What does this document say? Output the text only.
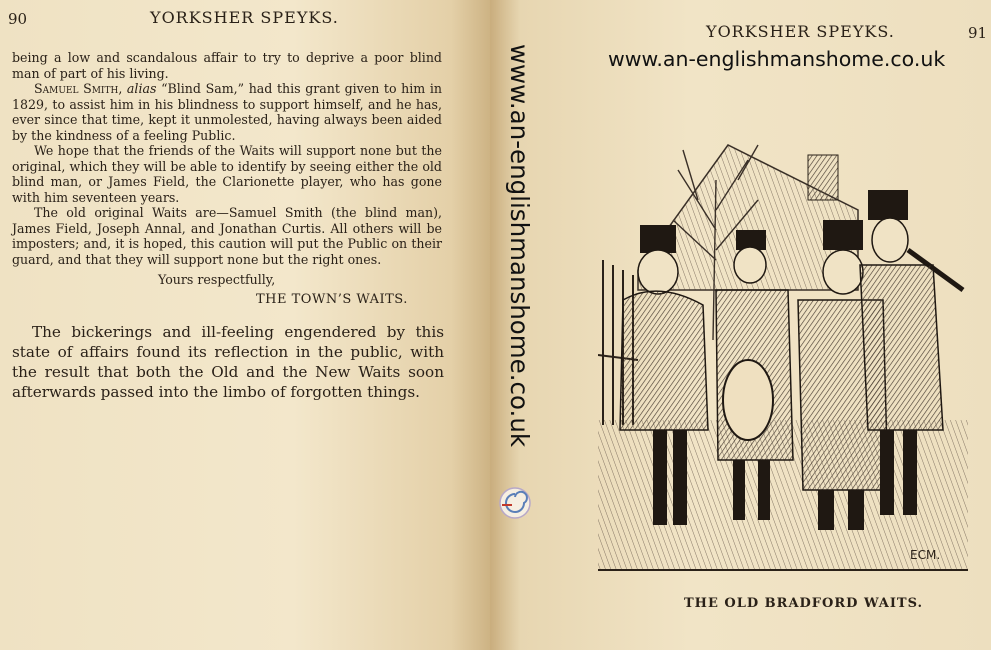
90	YORKSHER SPEYKS.

being a low and scandalous affair to try to deprive a poor blind man of part of his living.

Samuel Smith, alias “Blind Sam,” had this grant given to him in 1829, to assist him in his blindness to support himself, and he has, ever since that time, kept it unmolested, having always been aided by the kindness of a feeling Public.

We hope that the friends of the Waits will support none but the original, which they will be able to identify by seeing either the old blind man, or James Field, the Clarionette player, who has gone with him seventeen years.

The old original Waits are—Samuel Smith (the blind man), James Field, Joseph Annal, and Jonathan Curtis. All others will be imposters; and, it is hoped, this caution will put the Public on their guard, and that they will support none but the right ones.

Yours respectfully,
THE TOWN’S WAITS.

The bickerings and ill-feeling engendered by this state of affairs found its reflection in the public, with the result that both the Old and the New Waits soon afterwards passed into the limbo of forgotten things.

YORKSHER SPEYKS.	91
www.an-englishmanshome.co.uk
www.an-englishmanshome.co.uk
ECM.
THE OLD BRADFORD WAITS.
